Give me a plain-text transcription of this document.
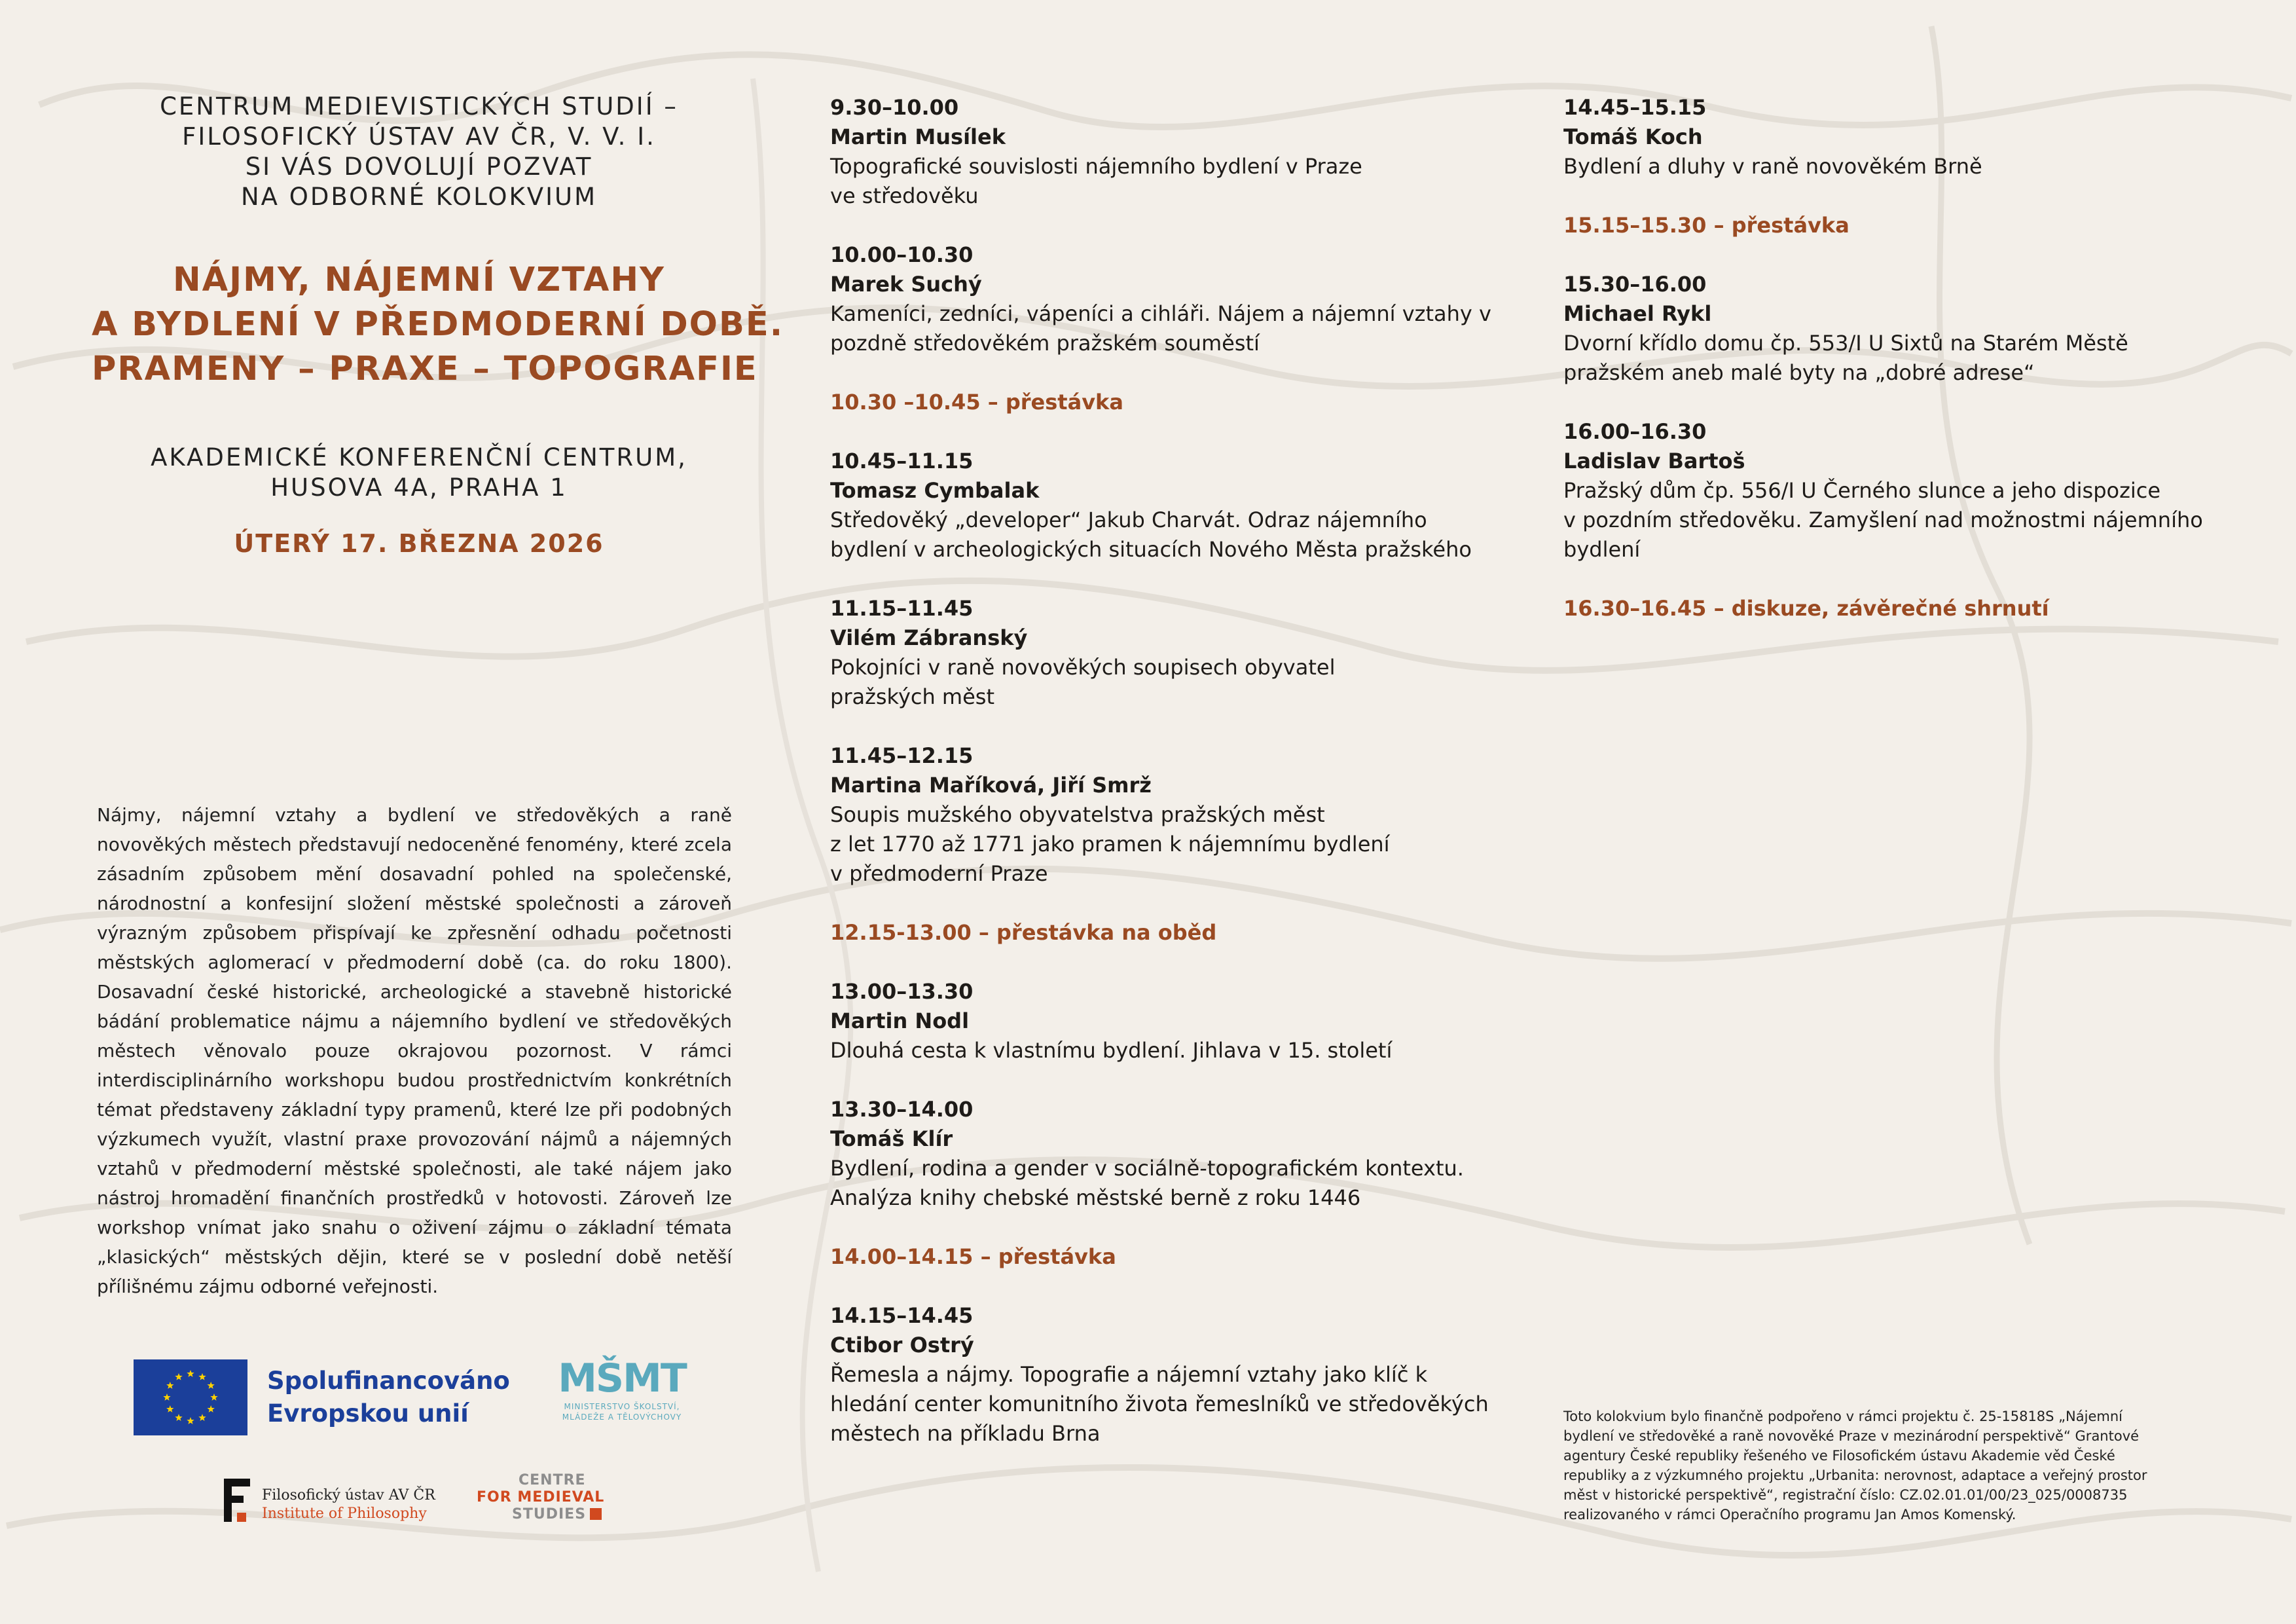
CENTRUM MEDIEVISTICKÝCH STUDIÍ –
FILOSOFICKÝ ÚSTAV AV ČR, V. V. I.
SI VÁS DOVOLUJÍ POZVAT
NA ODBORNÉ KOLOKVIUM
NÁJMY, NÁJEMNÍ VZTAHY
A BYDLENÍ V PŘEDMODERNÍ DOBĚ.
PRAMENY – PRAXE – TOPOGRAFIE
AKADEMICKÉ KONFERENČNÍ CENTRUM,
HUSOVA 4A, PRAHA 1
ÚTERÝ 17. BŘEZNA 2026
Nájmy, nájemní vztahy a bydlení ve středověkých a raně novověkých městech představují nedoceněné fenomény, které zcela zásadním způsobem mění dosavadní pohled na společenské, národnostní a konfesijní složení městské společnosti a zároveň výrazným způsobem přispívají ke zpřesnění odhadu početnosti městských aglomerací v předmoderní době (ca. do roku 1800). Dosavadní české historické, archeologické a stavebně historické bádání problematice nájmu a nájemního bydlení ve středověkých městech věnovalo pouze okrajovou pozornost. V rámci interdisciplinárního workshopu budou prostřednictvím konkrétních témat představeny základní typy pramenů, které lze při podobných výzkumech využít, vlastní praxe provozování nájmů a nájemných vztahů v předmoderní městské společnosti, ale také nájem jako nástroj hromadění finančních prostředků v hotovosti. Zároveň lze workshop vnímat jako snahu o oživení zájmu o základní témata „klasických“ městských dějin, které se v poslední době netěší přílišnému zájmu odborné veřejnosti.
Spolufinancováno
Evropskou unií
MŠMT
MINISTERSTVO ŠKOLSTVÍ,
MLÁDEŽE A TĚLOVÝCHOVY
Filosofický ústav AV ČR
Institute of Philosophy
CENTRE
FOR MEDIEVAL
STUDIES
9.30–10.00
Martin Musílek
Topografické souvislosti nájemního bydlení v Praze
ve středověku
10.00–10.30
Marek Suchý
Kameníci, zedníci, vápeníci a cihláři. Nájem a nájemní vztahy v
pozdně středověkém pražském souměstí
10.30 –10.45 – přestávka
10.45–11.15
Tomasz Cymbalak
Středověký „developer“ Jakub Charvát. Odraz nájemního
bydlení v archeologických situacích Nového Města pražského
11.15–11.45
Vilém Zábranský
Pokojníci v raně novověkých soupisech obyvatel
pražských měst
11.45–12.15
Martina Maříková, Jiří Smrž
Soupis mužského obyvatelstva pražských měst
z let 1770 až 1771 jako pramen k nájemnímu bydlení
v předmoderní Praze
12.15-13.00 – přestávka na oběd
13.00–13.30
Martin Nodl
Dlouhá cesta k vlastnímu bydlení. Jihlava v 15. století
13.30–14.00
Tomáš Klír
Bydlení, rodina a gender v sociálně-topografickém kontextu.
Analýza knihy chebské městské berně z roku 1446
14.00–14.15 – přestávka
14.15–14.45
Ctibor Ostrý
Řemesla a nájmy. Topografie a nájemní vztahy jako klíč k
hledání center komunitního života řemeslníků ve středověkých
městech na příkladu Brna
14.45–15.15
Tomáš Koch
Bydlení a dluhy v raně novověkém Brně
15.15–15.30 – přestávka
15.30–16.00
Michael Rykl
Dvorní křídlo domu čp. 553/I U Sixtů na Starém Městě
pražském aneb malé byty na „dobré adrese“
16.00–16.30
Ladislav Bartoš
Pražský dům čp. 556/I U Černého slunce a jeho dispozice
v pozdním středověku. Zamyšlení nad možnostmi nájemního
bydlení
16.30–16.45 – diskuze, závěrečné shrnutí
Toto kolokvium bylo finančně podpořeno v rámci projektu č. 25-15818S „Nájemní
bydlení ve středověké a raně novověké Praze v mezinárodní perspektivě“ Grantové
agentury České republiky řešeného ve Filosofickém ústavu Akademie věd České
republiky a z výzkumného projektu „Urbanita: nerovnost, adaptace a veřejný prostor
měst v historické perspektivě“, registrační číslo: CZ.02.01.01/00/23_025/0008735
realizovaného v rámci Operačního programu Jan Amos Komenský.
